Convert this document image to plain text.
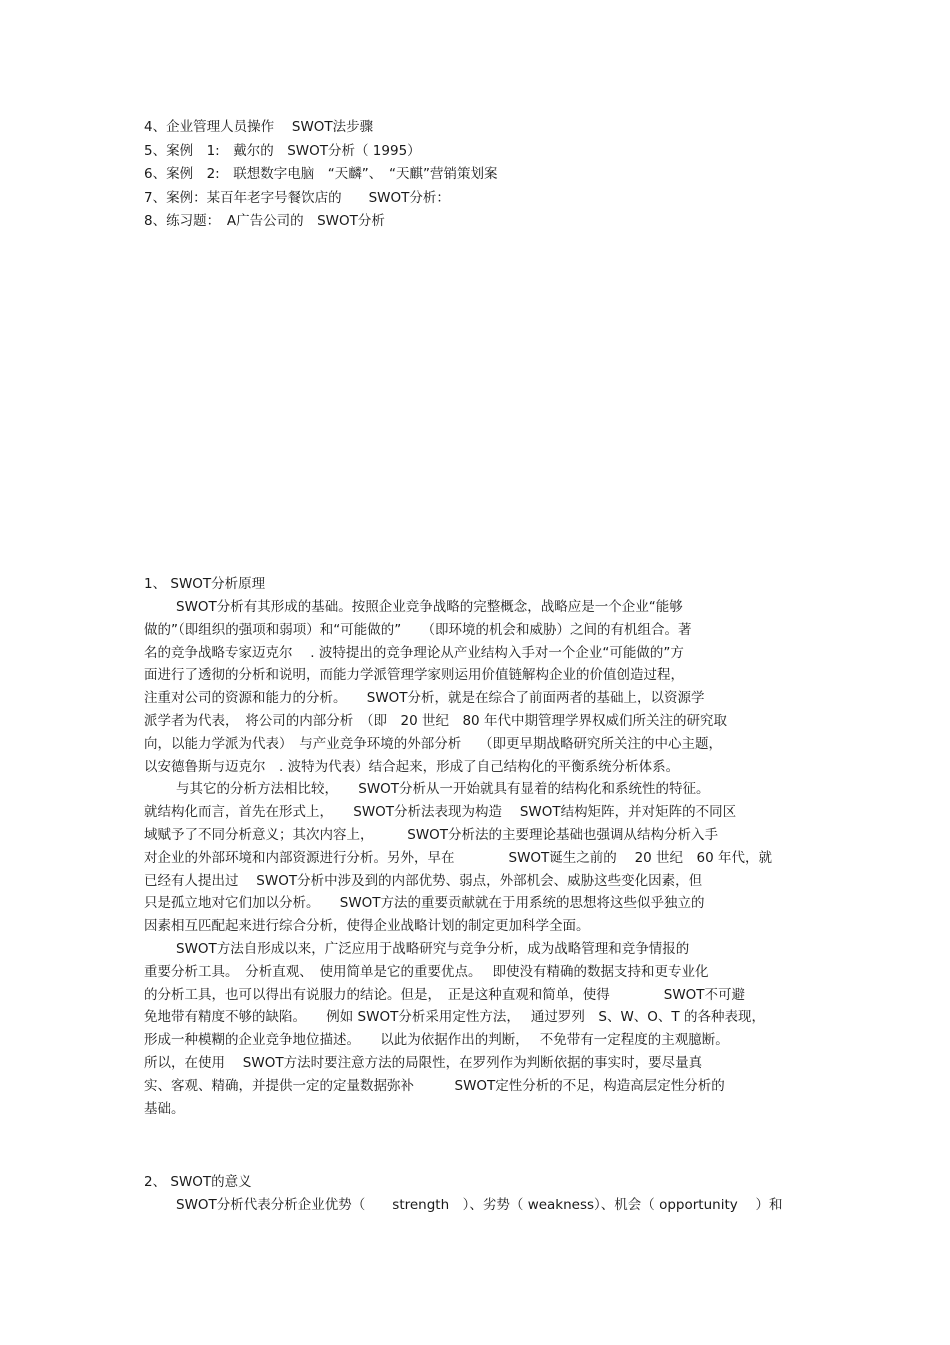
4、企业管理人员操作　 SWOT法步骤
5、案例　1:　戴尔的　SWOT分析（ 1995）
6、案例　2:　联想数字电脑　“天麟”、　“天麒”营销策划案
7、案例：某百年老字号餐饮店的　　SWOT分析：
8、练习题：　A广告公司的　SWOT分析
1、 SWOT分析原理
SWOT分析有其形成的基础。按照企业竞争战略的完整概念，战略应是一个企业“能够
做的”（即组织的强项和弱项）和“可能做的”　　（即环境的机会和威胁）之间的有机组合。著
名的竞争战略专家迈克尔　 . 波特提出的竞争理论从产业结构入手对一个企业“可能做的”方
面进行了透彻的分析和说明，而能力学派管理学家则运用价值链解构企业的价值创造过程，
注重对公司的资源和能力的分析。　　SWOT分析，就是在综合了前面两者的基础上，以资源学
派学者为代表，　将公司的内部分析　（即　20 世纪　80 年代中期管理学界权威们所关注的研究取
向，以能力学派为代表）　与产业竞争环境的外部分析　 （即更早期战略研究所关注的中心主题，
以安德鲁斯与迈克尔　. 波特为代表）结合起来，形成了自己结构化的平衡系统分析体系。
与其它的分析方法相比较，　　SWOT分析从一开始就具有显着的结构化和系统性的特征。
就结构化而言，首先在形式上，　　SWOT分析法表现为构造　 SWOT结构矩阵，并对矩阵的不同区
域赋予了不同分析意义；其次内容上，　　　SWOT分析法的主要理论基础也强调从结构分析入手
对企业的外部环境和内部资源进行分析。另外，早在　　　　SWOT诞生之前的　 20 世纪　60 年代，就
已经有人提出过　 SWOT分析中涉及到的内部优势、弱点，外部机会、威胁这些变化因素，但
只是孤立地对它们加以分析。　　SWOT方法的重要贡献就在于用系统的思想将这些似乎独立的
因素相互匹配起来进行综合分析，使得企业战略计划的制定更加科学全面。
SWOT方法自形成以来，广泛应用于战略研究与竞争分析，成为战略管理和竞争情报的
重要分析工具。　分析直观、　使用简单是它的重要优点。　 即使没有精确的数据支持和更专业化
的分析工具，也可以得出有说服力的结论。但是，　正是这种直观和简单，使得　　　　SWOT不可避
免地带有精度不够的缺陷。　　例如 SWOT分析采用定性方法，　 通过罗列　S、W、O、T 的各种表现，
形成一种模糊的企业竞争地位描述。　　以此为依据作出的判断，　 不免带有一定程度的主观臆断。
所以，在使用　 SWOT方法时要注意方法的局限性，在罗列作为判断依据的事实时，要尽量真
实、客观、精确，并提供一定的定量数据弥补　　　SWOT定性分析的不足，构造高层定性分析的
基础。
2、 SWOT的意义
SWOT分析代表分析企业优势（　　strength　）、劣势（ weakness）、机会（ opportunity　 ）和
